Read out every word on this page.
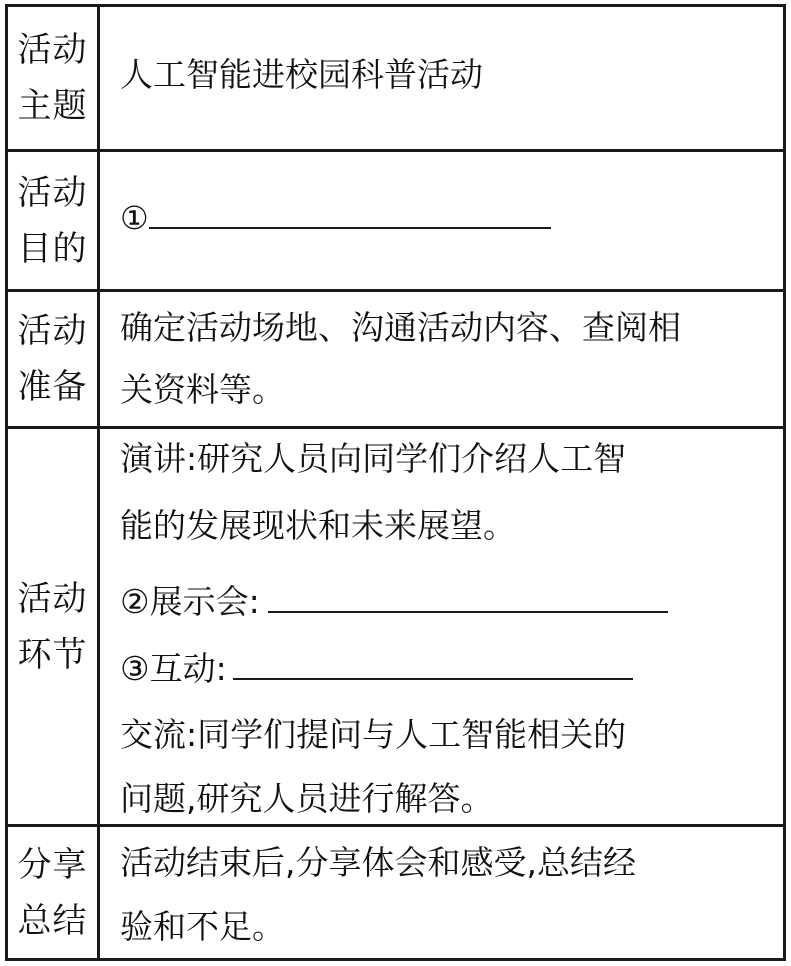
活动
主题
人工智能进校园科普活动
活动
目的
①
活动
准备
确定活动场地、沟通活动内容、查阅相
关资料等。
活动
环节
演讲:研究人员向同学们介绍人工智
能的发展现状和未来展望。
②展示会:
③互动:
交流:同学们提问与人工智能相关的
问题,研究人员进行解答。
分享
总结
活动结束后,分享体会和感受,总结经
验和不足。
